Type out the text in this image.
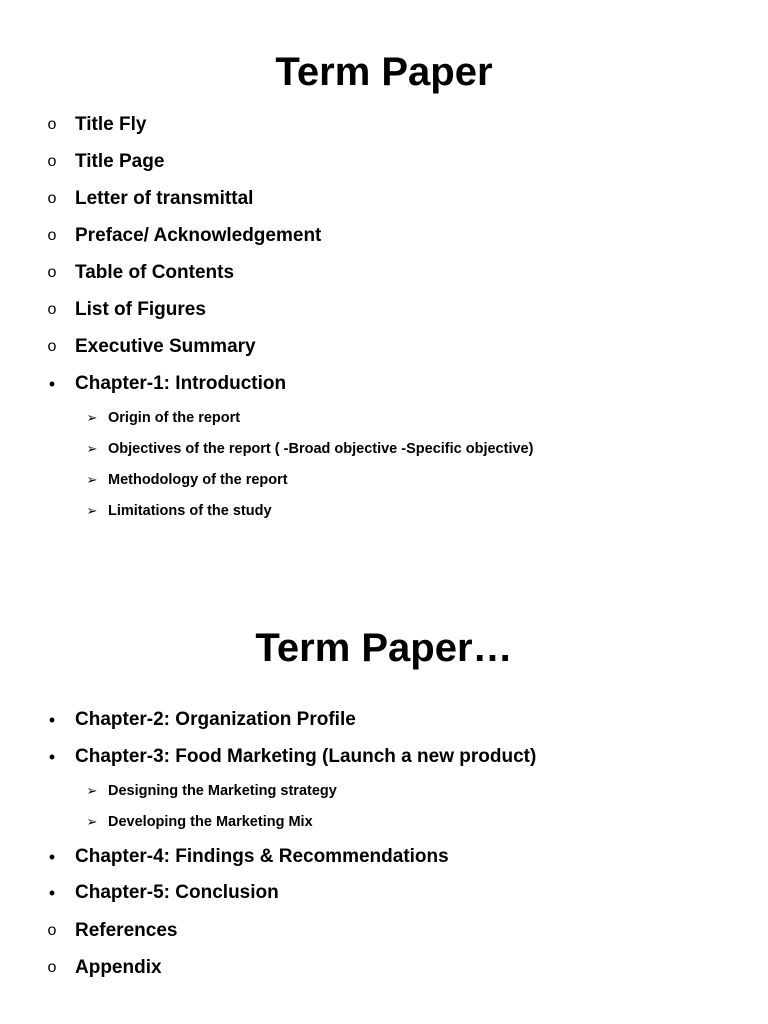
Term Paper
o Title Fly
o Title Page
o Letter of transmittal
o Preface/ Acknowledgement
o Table of Contents
o List of Figures
o Executive Summary
•	Chapter-1: Introduction
➢ Origin of the report
➢ Objectives of the report ( -Broad objective -Specific objective)
➢ Methodology of the report
➢ Limitations of the study
Term Paper…
•	Chapter-2: Organization Profile
•	Chapter-3: Food Marketing (Launch a new product)
➢ Designing the Marketing strategy
➢ Developing the Marketing Mix
•	Chapter-4: Findings & Recommendations
•	Chapter-5: Conclusion
o References
o Appendix
